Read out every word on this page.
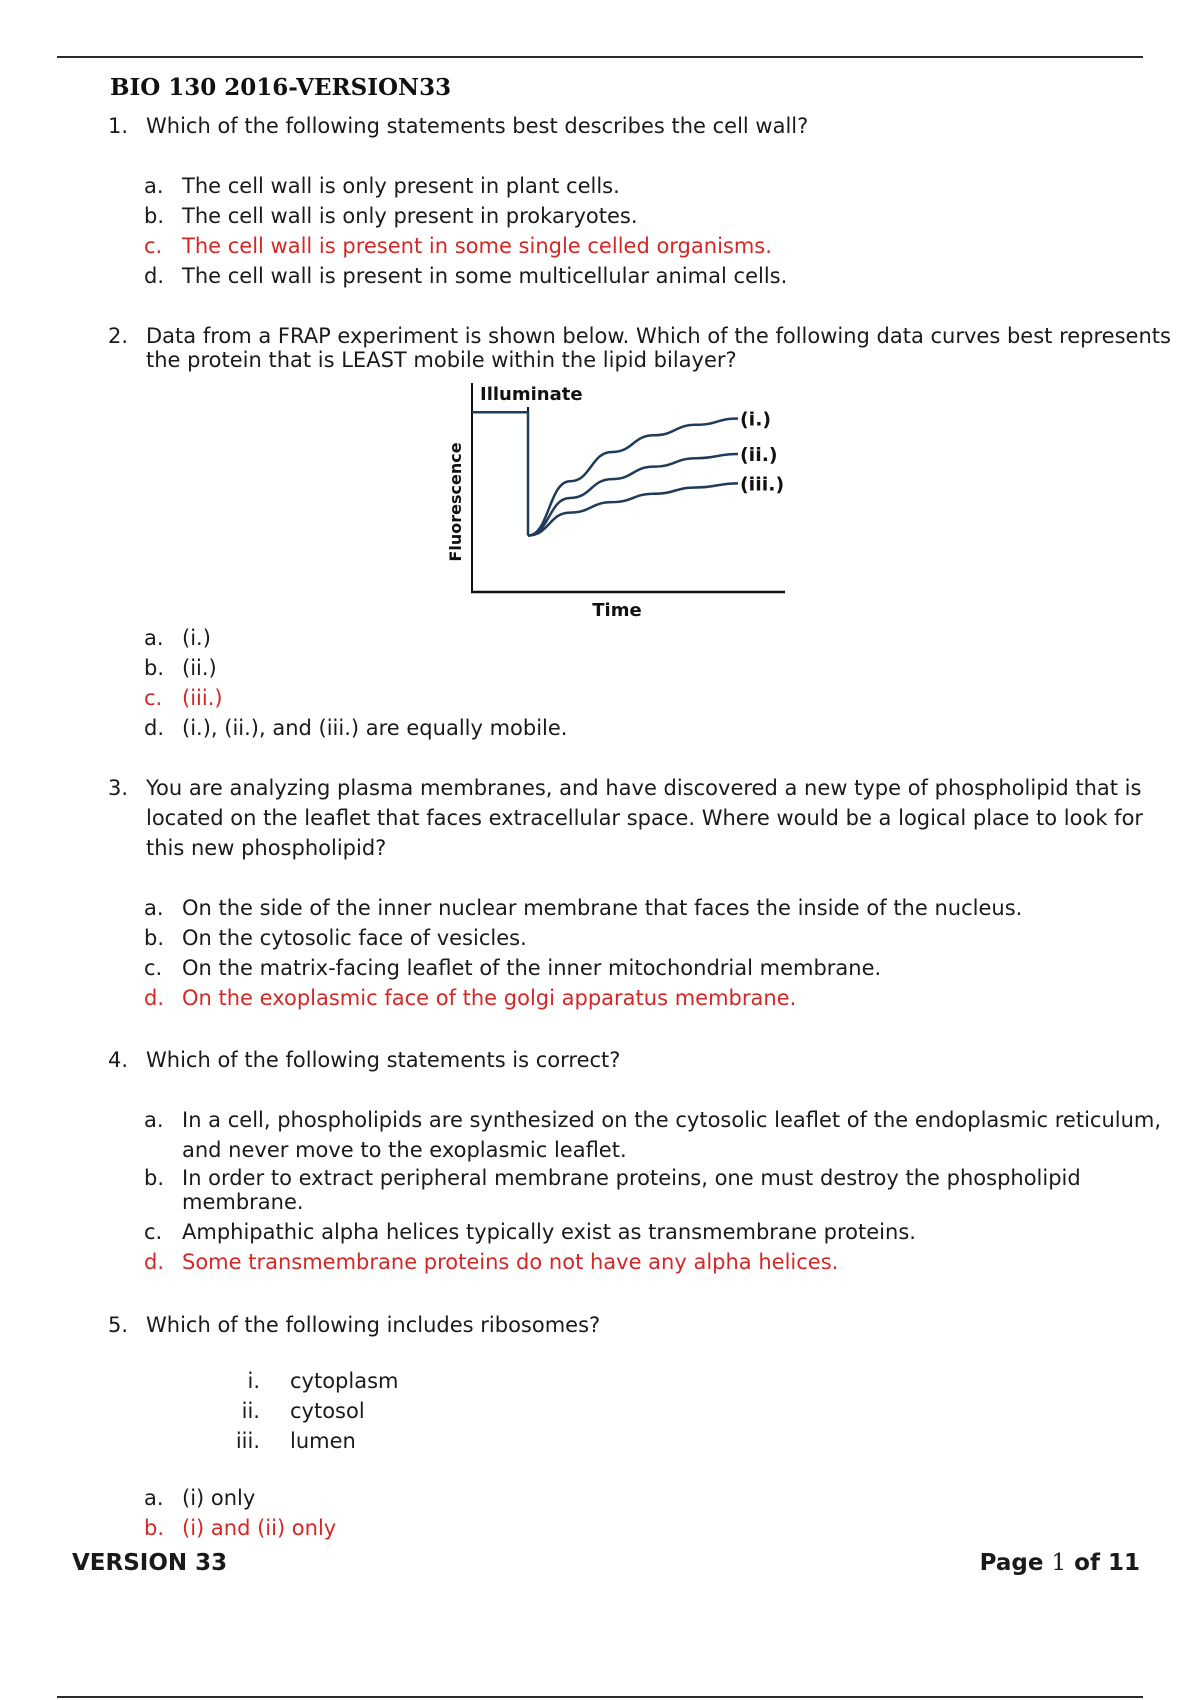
BIO 130 2016-VERSION33
1. Which of the following statements best describes the cell wall?
a. The cell wall is only present in plant cells.
b. The cell wall is only present in prokaryotes.
c. The cell wall is present in some single celled organisms.
d. The cell wall is present in some multicellular animal cells.
2. Data from a FRAP experiment is shown below. Which of the following data curves best represents the protein that is LEAST mobile within the lipid bilayer?
Illuminate
Fluorescence
Time
(i.)
(ii.)
(iii.)
a. (i.)
b. (ii.)
c. (iii.)
d. (i.), (ii.), and (iii.) are equally mobile.
3. You are analyzing plasma membranes, and have discovered a new type of phospholipid that is located on the leaflet that faces extracellular space. Where would be a logical place to look for this new phospholipid?
a. On the side of the inner nuclear membrane that faces the inside of the nucleus.
b. On the cytosolic face of vesicles.
c. On the matrix-facing leaflet of the inner mitochondrial membrane.
d. On the exoplasmic face of the golgi apparatus membrane.
4. Which of the following statements is correct?
a. In a cell, phospholipids are synthesized on the cytosolic leaflet of the endoplasmic reticulum, and never move to the exoplasmic leaflet.
b. In order to extract peripheral membrane proteins, one must destroy the phospholipid membrane.
c. Amphipathic alpha helices typically exist as transmembrane proteins.
d. Some transmembrane proteins do not have any alpha helices.
5. Which of the following includes ribosomes?
i. cytoplasm
ii. cytosol
iii. lumen
a. (i) only
b. (i) and (ii) only
VERSION 33	Page 1 of 11
